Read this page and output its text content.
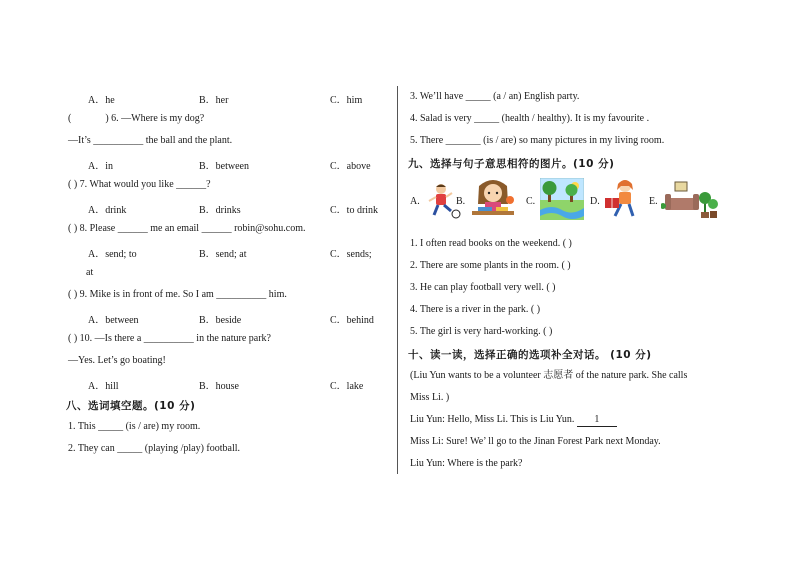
A．he	B．her	C．him
(	) 6. —Where is my dog?
—It’s __________ the ball and the plant.
A．in	B．between	C．above
( ) 7. What would you like ______?
A．drink	B．drinks	C．to drink
( ) 8. Please ______ me an email ______ robin@sohu.com.
A．send; to	B．send; at	C．sends;
at
( ) 9. Mike is in front of me. So I am __________ him.
A．between	B．beside	C．behind
( ) 10. —Is there a __________ in the nature park?
—Yes. Let’s go boating!
A．hill	B．house	C．lake
八、选词填空题。(10 分)
1. This _____ (is / are) my room.
2. They can _____ (playing /play) football.
3. We’ll have _____ (a / an) English party.
4. Salad is very _____ (health / healthy). It is my favourite .
5. There _______ (is / are) so many pictures in my living room.
九、选择与句子意思相符的图片。(10 分)
A.	B.	C.	D.	E.
1. I often read books on the weekend. ( )
2. There are some plants in the room. ( )
3. He can play football very well. ( )
4. There is a river in the park. ( )
5. The girl is very hard-working. ( )
十、读一读，选择正确的选项补全对话。 (10 分)
(Liu Yun wants to be a volunteer 志愿者 of the nature park. She calls
Miss Li. )
Liu Yun: Hello, Miss Li. This is Liu Yun. 1
Miss Li: Sure! We’ ll go to the Jinan Forest Park next Monday.
Liu Yun: Where is the park?
